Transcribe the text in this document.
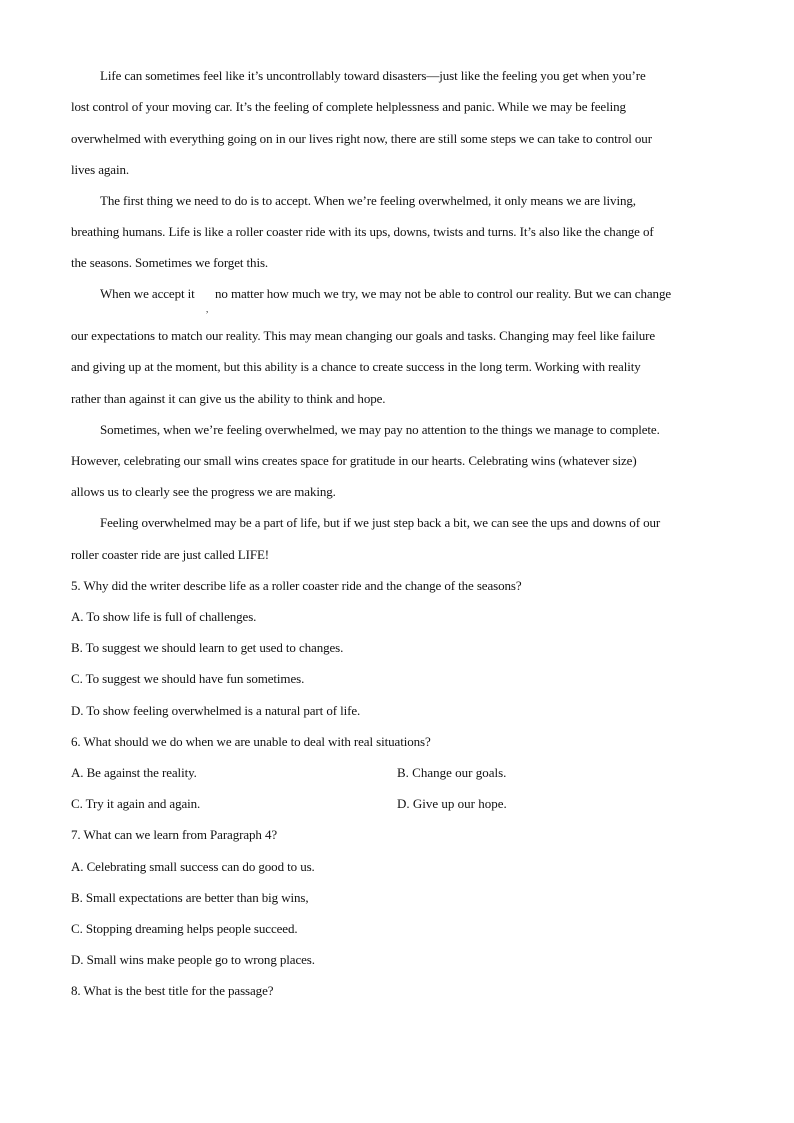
Life can sometimes feel like it’s uncontrollably toward disasters—just like the feeling you get when you’re
lost control of your moving car. It’s the feeling of complete helplessness and panic. While we may be feeling
overwhelmed with everything going on in our lives right now, there are still some steps we can take to control our
lives again.
The first thing we need to do is to accept. When we’re feeling overwhelmed, it only means we are living,
breathing humans. Life is like a roller coaster ride with its ups, downs, twists and turns. It’s also like the change of
the seasons. Sometimes we forget this.
When we accept it	no matter how much we try, we may not be able to control our reality. But we can change
,
our expectations to match our reality. This may mean changing our goals and tasks. Changing may feel like failure
and giving up at the moment, but this ability is a chance to create success in the long term. Working with reality
rather than against it can give us the ability to think and hope.
Sometimes, when we’re feeling overwhelmed, we may pay no attention to the things we manage to complete.
However, celebrating our small wins creates space for gratitude in our hearts. Celebrating wins (whatever size)
allows us to clearly see the progress we are making.
Feeling overwhelmed may be a part of life, but if we just step back a bit, we can see the ups and downs of our
roller coaster ride are just called LIFE!
5. Why did the writer describe life as a roller coaster ride and the change of the seasons?
A. To show life is full of challenges.
B. To suggest we should learn to get used to changes.
C. To suggest we should have fun sometimes.
D. To show feeling overwhelmed is a natural part of life.
6. What should we do when we are unable to deal with real situations?
A. Be against the reality.	B. Change our goals.
C. Try it again and again.	D. Give up our hope.
7. What can we learn from Paragraph 4?
A. Celebrating small success can do good to us.
B. Small expectations are better than big wins,
C. Stopping dreaming helps people succeed.
D. Small wins make people go to wrong places.
8. What is the best title for the passage?
